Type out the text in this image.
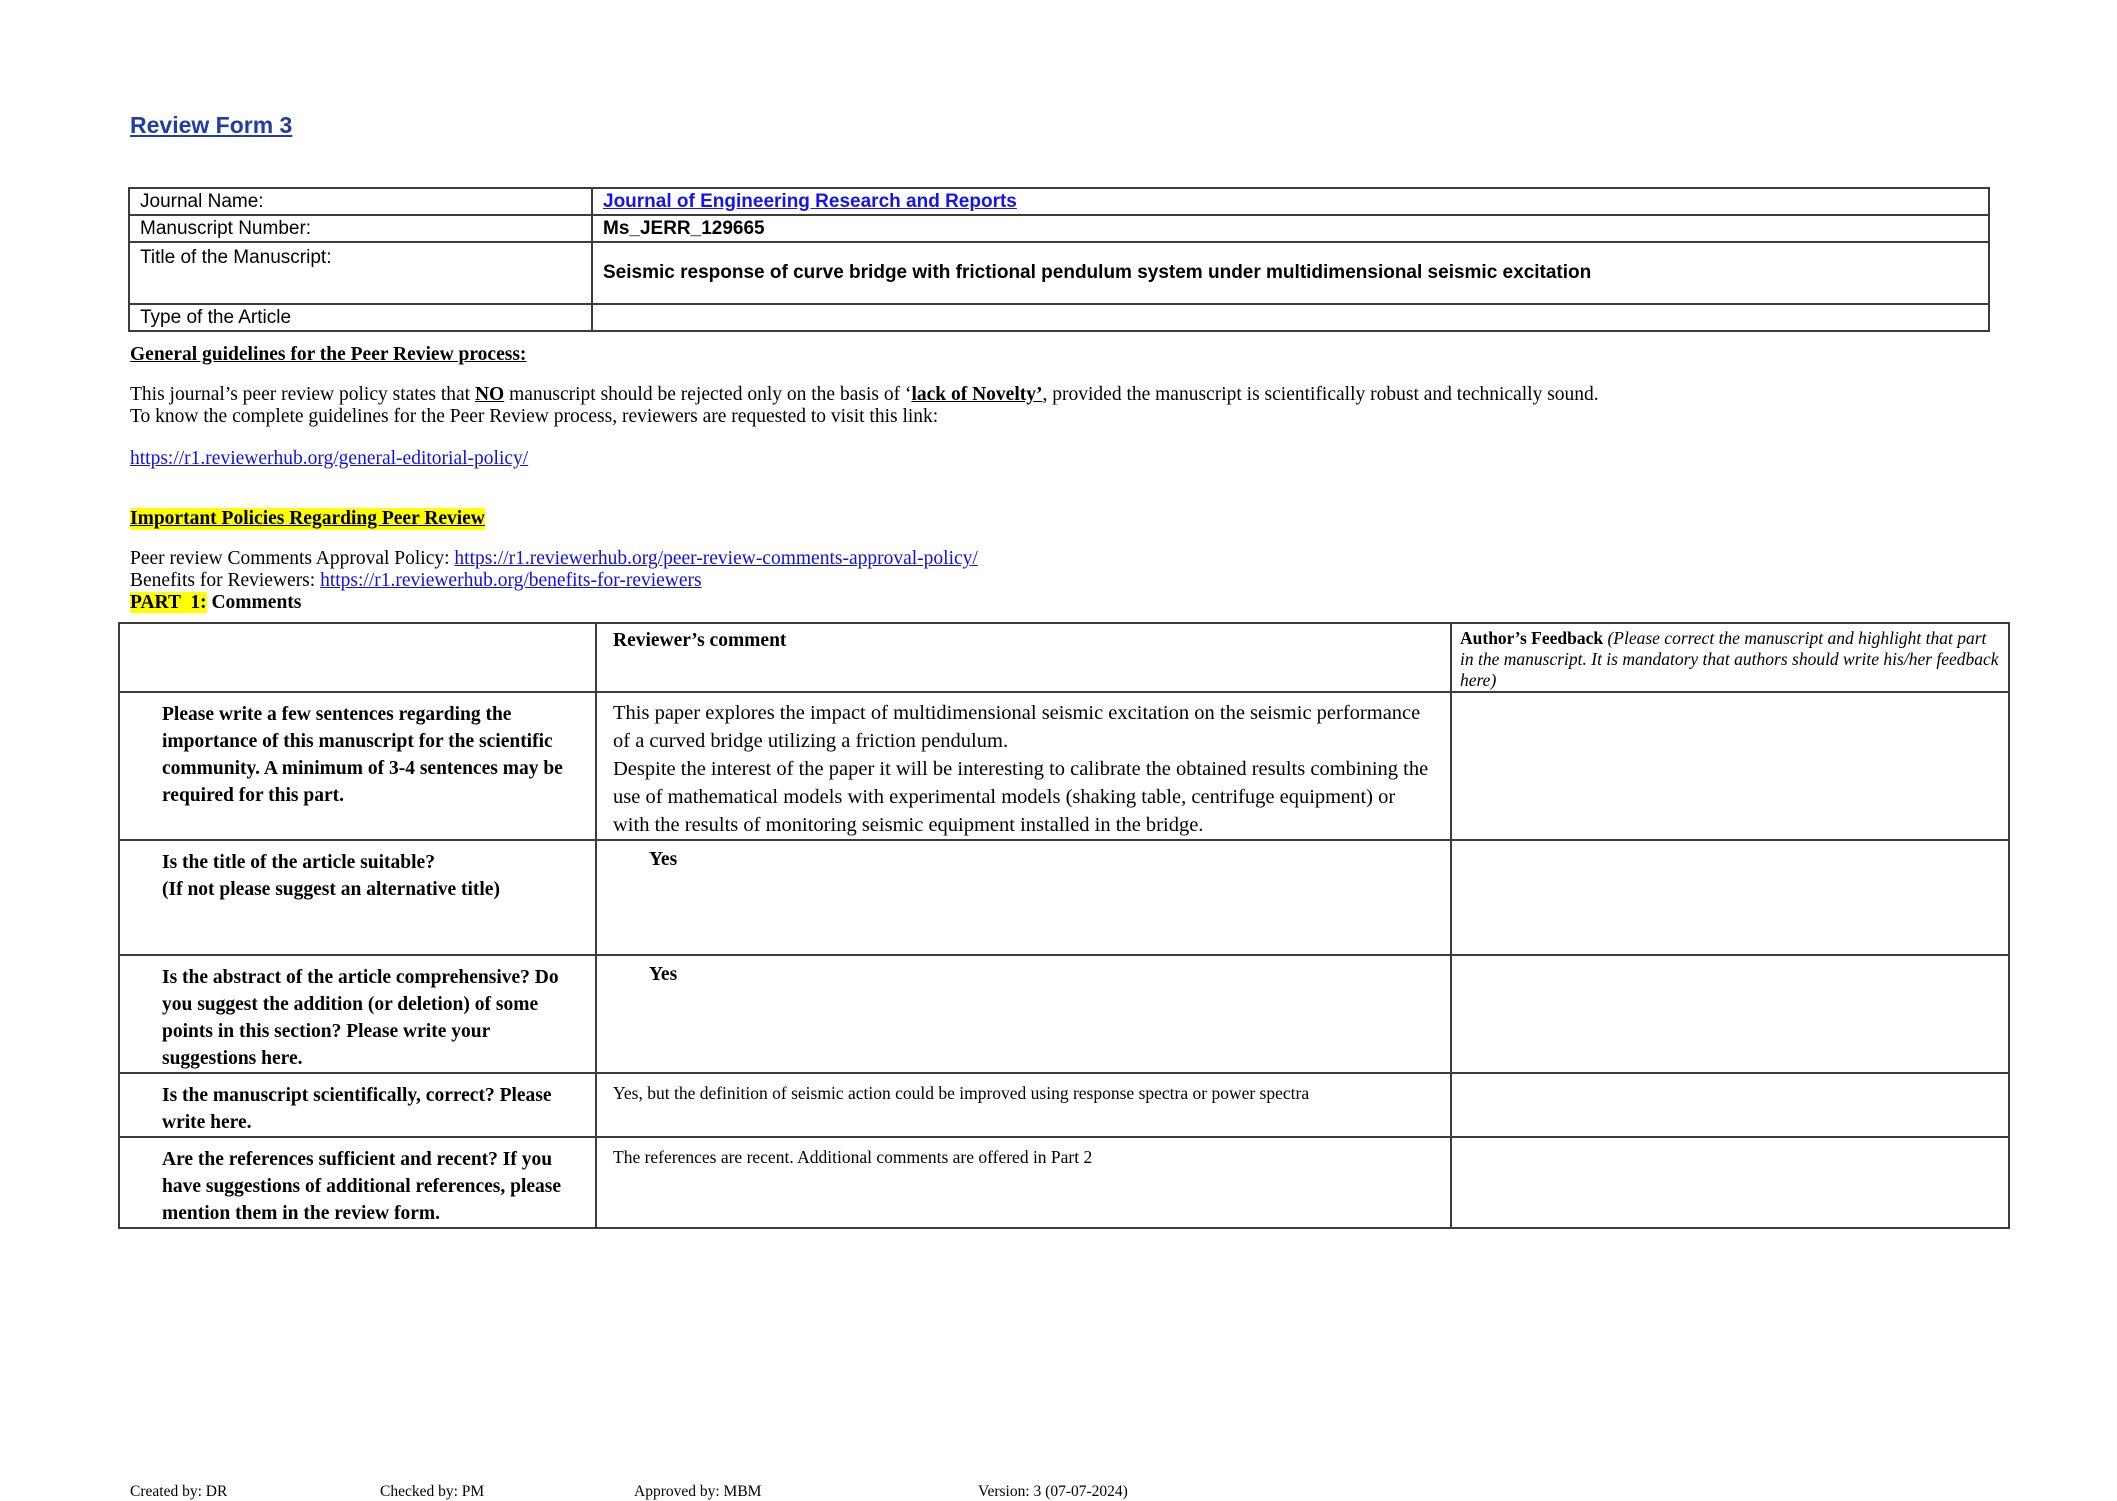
Review Form 3
Journal Name:	Journal of Engineering Research and Reports
Manuscript Number:	Ms_JERR_129665
Title of the Manuscript:	Seismic response of curve bridge with frictional pendulum system under multidimensional seismic excitation
Type of the Article	
General guidelines for the Peer Review process:
This journal’s peer review policy states that NO manuscript should be rejected only on the basis of ‘lack of Novelty’, provided the manuscript is scientifically robust and technically sound.
To know the complete guidelines for the Peer Review process, reviewers are requested to visit this link:
https://r1.reviewerhub.org/general-editorial-policy/
Important Policies Regarding Peer Review
Peer review Comments Approval Policy: https://r1.reviewerhub.org/peer-review-comments-approval-policy/
Benefits for Reviewers: https://r1.reviewerhub.org/benefits-for-reviewers
PART  1: Comments
	Reviewer’s comment	Author’s Feedback (Please correct the manuscript and highlight that part in the manuscript. It is mandatory that authors should write his/her feedback here)
Please write a few sentences regarding the importance of this manuscript for the scientific community. A minimum of 3-4 sentences may be required for this part.	This paper explores the impact of multidimensional seismic excitation on the seismic performance of a curved bridge utilizing a friction pendulum.
Despite the interest of the paper it will be interesting to calibrate the obtained results combining the use of mathematical models with experimental models (shaking table, centrifuge equipment) or with the results of monitoring seismic equipment installed in the bridge.	

Is the title of the article suitable?
(If not please suggest an alternative title)	Yes	
Is the abstract of the article comprehensive? Do you suggest the addition (or deletion) of some points in this section? Please write your suggestions here.	Yes	
Is the manuscript scientifically, correct? Please write here.	Yes, but the definition of seismic action could be improved using response spectra or power spectra	
Are the references sufficient and recent? If you have suggestions of additional references, please mention them in the review form.	The references are recent. Additional comments are offered in Part 2	
Created by: DR	Checked by: PM	Approved by: MBM	Version: 3 (07-07-2024)
